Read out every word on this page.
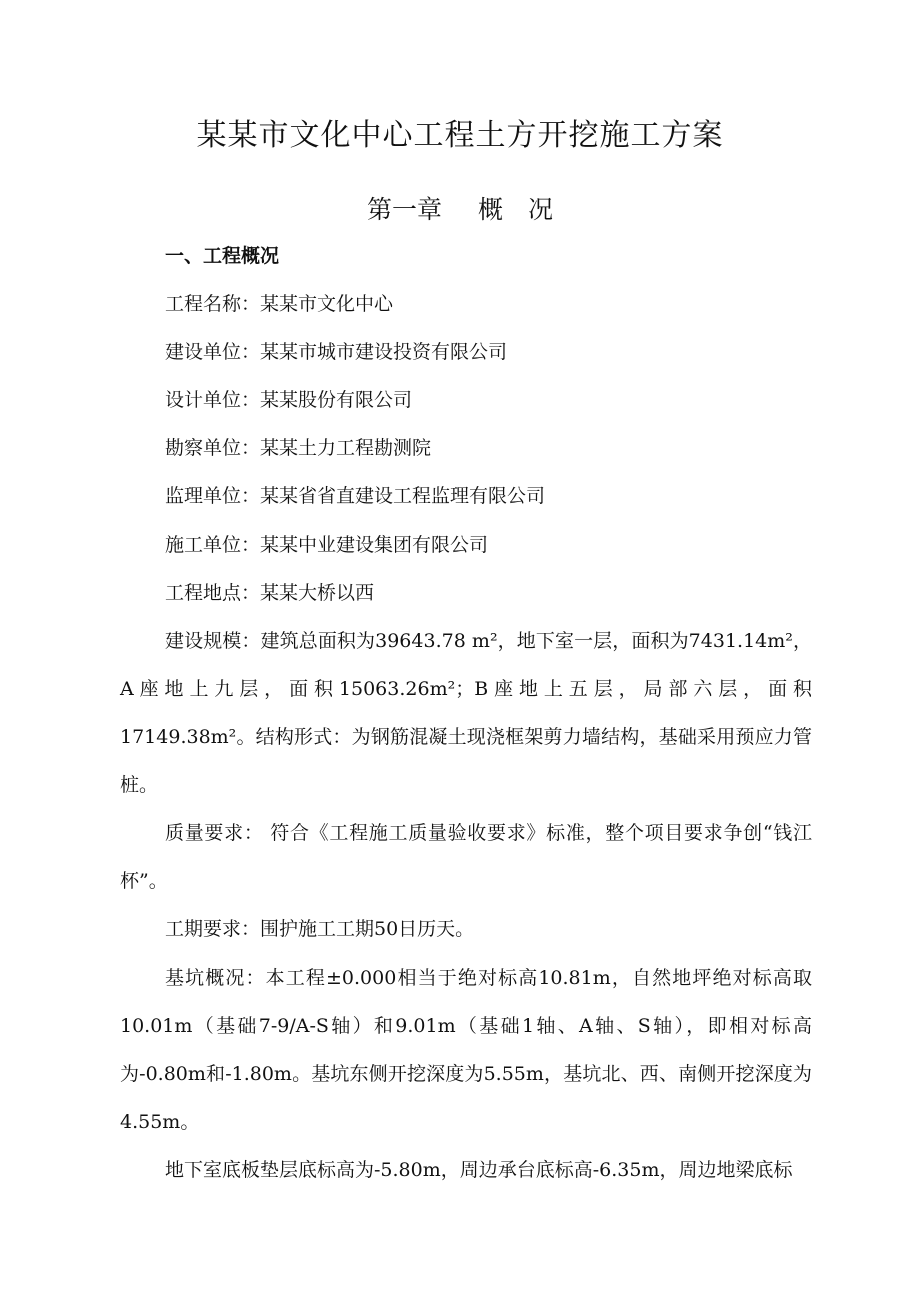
某某市文化中心工程土方开挖施工方案
第一章 概　况
一、工程概况
工程名称：某某市文化中心
建设单位：某某市城市建设投资有限公司
设计单位：某某股份有限公司
勘察单位：某某土力工程勘测院
监理单位：某某省省直建设工程监理有限公司
施工单位：某某中业建设集团有限公司
工程地点：某某大桥以西

建设规模：建筑总面积为39643.78 m²，地下室一层，面积为7431.14m²，A座地上九层，面积15063.26m²；B座地上五层，局部六层，面积17149.38m²。结构形式：为钢筋混凝土现浇框架剪力墙结构，基础采用预应力管桩。

质量要求： 符合《工程施工质量验收要求》标准，整个项目要求争创“钱江杯”。

工期要求：围护施工工期50日历天。

基坑概况：本工程±0.000相当于绝对标高10.81m，自然地坪绝对标高取10.01m（基础7-9/A-S轴）和9.01m（基础1轴、A轴、S轴），即相对标高为-0.80m和-1.80m。基坑东侧开挖深度为5.55m，基坑北、西、南侧开挖深度为4.55m。

地下室底板垫层底标高为-5.80m，周边承台底标高-6.35m，周边地梁底标
